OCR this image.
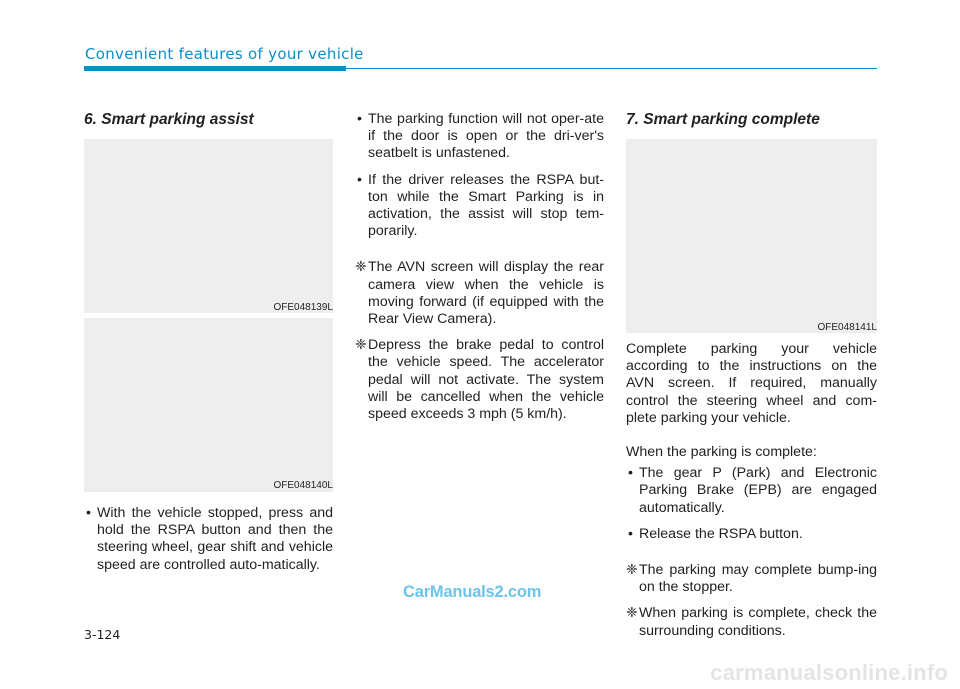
Convenient features of your vehicle
6. Smart parking assist
OFE048139L
OFE048140L
• With the vehicle stopped, press and hold the RSPA button and then the steering wheel, gear shift and vehicle speed are controlled auto-matically.
• The parking function will not oper-ate if the door is open or the dri-ver's seatbelt is unfastened.
• If the driver releases the RSPA but-ton while the Smart Parking is in activation, the assist will stop tem-porarily.
❈ The AVN screen will display the rear camera view when the vehicle is moving forward (if equipped with the Rear View Camera).
❈ Depress the brake pedal to control the vehicle speed. The accelerator pedal will not activate. The system will be cancelled when the vehicle speed exceeds 3 mph (5 km/h).
7. Smart parking complete
OFE048141L
Complete parking your vehicle according to the instructions on the AVN screen. If required, manually control the steering wheel and com-plete parking your vehicle.
When the parking is complete:
• The gear P (Park) and Electronic Parking Brake (EPB) are engaged automatically.
• Release the RSPA button.
❈ The parking may complete bump-ing on the stopper.
❈ When parking is complete, check the surrounding conditions.
CarManuals2.com
3-124
carmanualsonline.info
